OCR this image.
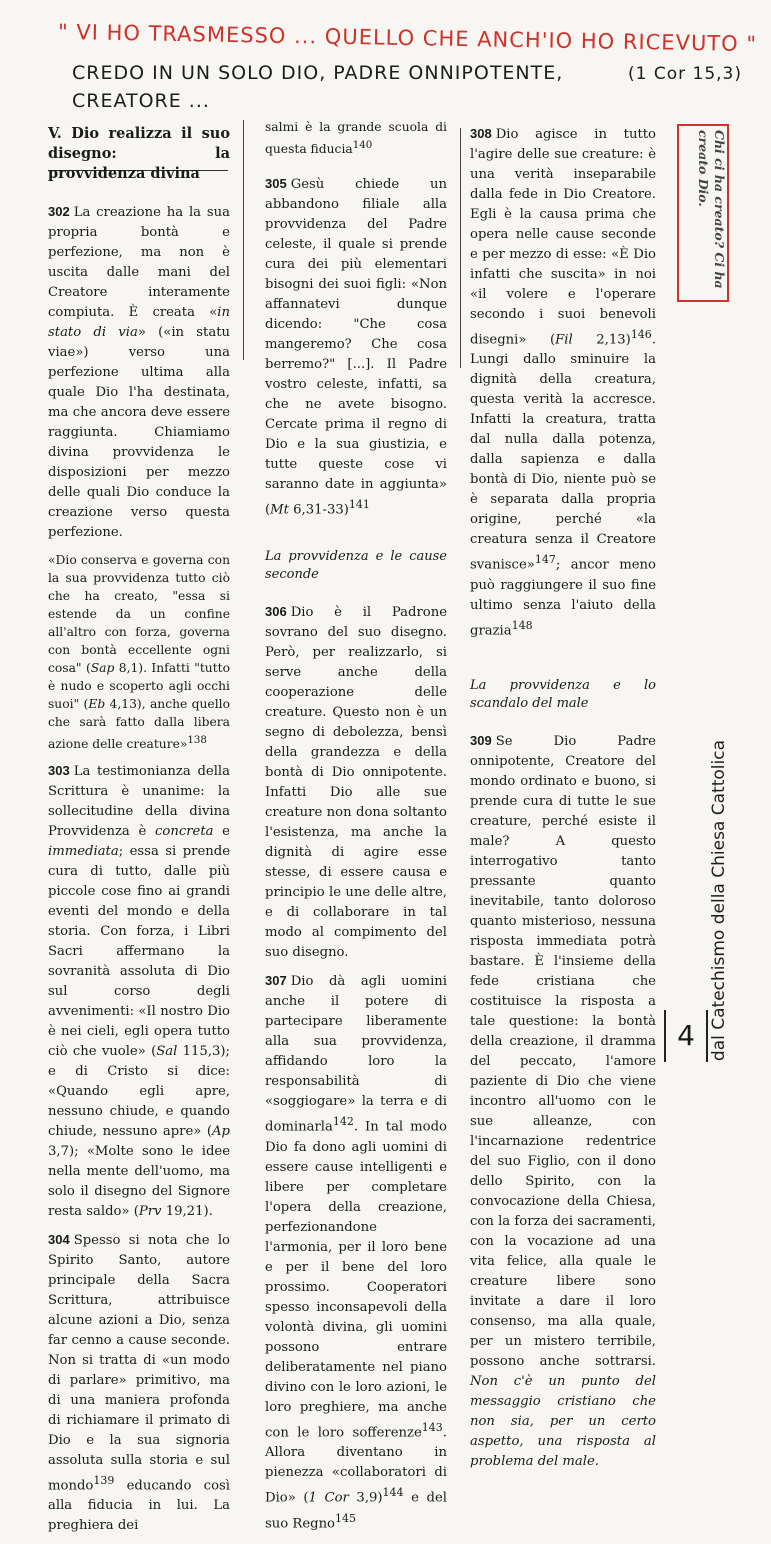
" VI HO TRASMESSO ... QUELLO CHE ANCH'IO HO RICEVUTO "
CREDO IN UN SOLO DIO, PADRE ONNIPOTENTE,	(1 Cor 15,3)
CREATORE ...
V. Dio realizza il suo disegno: la provvidenza divina

302 La creazione ha la sua propria bontà e perfezione, ma non è uscita dalle mani del Creatore interamente compiuta. È creata «in stato di via» («in statu viae») verso una perfezione ultima alla quale Dio l'ha destinata, ma che ancora deve essere raggiunta. Chiamiamo divina provvidenza le disposizioni per mezzo delle quali Dio conduce la creazione verso questa perfezione.

«Dio conserva e governa con la sua provvidenza tutto ciò che ha creato, "essa si estende da un confine all'altro con forza, governa con bontà eccellente ogni cosa" (Sap 8,1). Infatti "tutto è nudo e scoperto agli occhi suoi" (Eb 4,13), anche quello che sarà fatto dalla libera azione delle creature»$^{138}$

303 La testimonianza della Scrittura è unanime: la sollecitudine della divina Provvidenza è concreta e immediata; essa si prende cura di tutto, dalle più piccole cose fino ai grandi eventi del mondo e della storia. Con forza, i Libri Sacri affermano la sovranità assoluta di Dio sul corso degli avvenimenti: «Il nostro Dio è nei cieli, egli opera tutto ciò che vuole» (Sal 115,3); e di Cristo si dice: «Quando egli apre, nessuno chiude, e quando chiude, nessuno apre» (Ap 3,7); «Molte sono le idee nella mente dell'uomo, ma solo il disegno del Signore resta saldo» (Prv 19,21).

304 Spesso si nota che lo Spirito Santo, autore principale della Sacra Scrittura, attribuisce alcune azioni a Dio, senza far cenno a cause seconde. Non si tratta di «un modo di parlare» primitivo, ma di una maniera profonda di richiamare il primato di Dio e la sua signoria assoluta sulla storia e sul mondo$^{139}$ educando così alla fiducia in lui. La preghiera dei

salmi è la grande scuola di questa fiducia$^{140}$

305 Gesù chiede un abbandono filiale alla provvidenza del Padre celeste, il quale si prende cura dei più elementari bisogni dei suoi figli: «Non affannatevi dunque dicendo: "Che cosa mangeremo? Che cosa berremo?" [...]. Il Padre vostro celeste, infatti, sa che ne avete bisogno. Cercate prima il regno di Dio e la sua giustizia, e tutte queste cose vi saranno date in aggiunta» (Mt 6,31-33)$^{141}$

La provvidenza e le cause seconde

306 Dio è il Padrone sovrano del suo disegno. Però, per realizzarlo, si serve anche della cooperazione delle creature. Questo non è un segno di debolezza, bensì della grandezza e della bontà di Dio onnipotente. Infatti Dio alle sue creature non dona soltanto l'esistenza, ma anche la dignità di agire esse stesse, di essere causa e principio le une delle altre, e di collaborare in tal modo al compimento del suo disegno.

307 Dio dà agli uomini anche il potere di partecipare liberamente alla sua provvidenza, affidando loro la responsabilità di «soggiogare» la terra e di dominarla$^{142}$. In tal modo Dio fa dono agli uomini di essere cause intelligenti e libere per completare l'opera della creazione, perfezionandone l'armonia, per il loro bene e per il bene del loro prossimo. Cooperatori spesso inconsapevoli della volontà divina, gli uomini possono entrare deliberatamente nel piano divino con le loro azioni, le loro preghiere, ma anche con le loro sofferenze$^{143}$. Allora diventano in pienezza «collaboratori di Dio» (1 Cor 3,9)$^{144}$ e del suo Regno$^{145}$

308 Dio agisce in tutto l'agire delle sue creature: è una verità inseparabile dalla fede in Dio Creatore. Egli è la causa prima che opera nelle cause seconde e per mezzo di esse: «È Dio infatti che suscita» in noi «il volere e l'operare secondo i suoi benevoli disegni» (Fil 2,13)$^{146}$. Lungi dallo sminuire la dignità della creatura, questa verità la accresce. Infatti la creatura, tratta dal nulla dalla potenza, dalla sapienza e dalla bontà di Dio, niente può se è separata dalla propria origine, perché «la creatura senza il Creatore svanisce»$^{147}$; ancor meno può raggiungere il suo fine ultimo senza l'aiuto della grazia$^{148}$

La provvidenza e lo scandalo del male

309 Se Dio Padre onnipotente, Creatore del mondo ordinato e buono, si prende cura di tutte le sue creature, perché esiste il male? A questo interrogativo tanto pressante quanto inevitabile, tanto doloroso quanto misterioso, nessuna risposta immediata potrà bastare. È l'insieme della fede cristiana che costituisce la risposta a tale questione: la bontà della creazione, il dramma del peccato, l'amore paziente di Dio che viene incontro all'uomo con le sue alleanze, con l'incarnazione redentrice del suo Figlio, con il dono dello Spirito, con la convocazione della Chiesa, con la forza dei sacramenti, con la vocazione ad una vita felice, alla quale le creature libere sono invitate a dare il loro consenso, ma alla quale, per un mistero terribile, possono anche sottrarsi. Non c'è un punto del messaggio cristiano che non sia, per un certo aspetto, una risposta al problema del male.

Chi ci ha creato? Ci ha creato Dio.
dal Catechismo della Chiesa Cattolica
4
